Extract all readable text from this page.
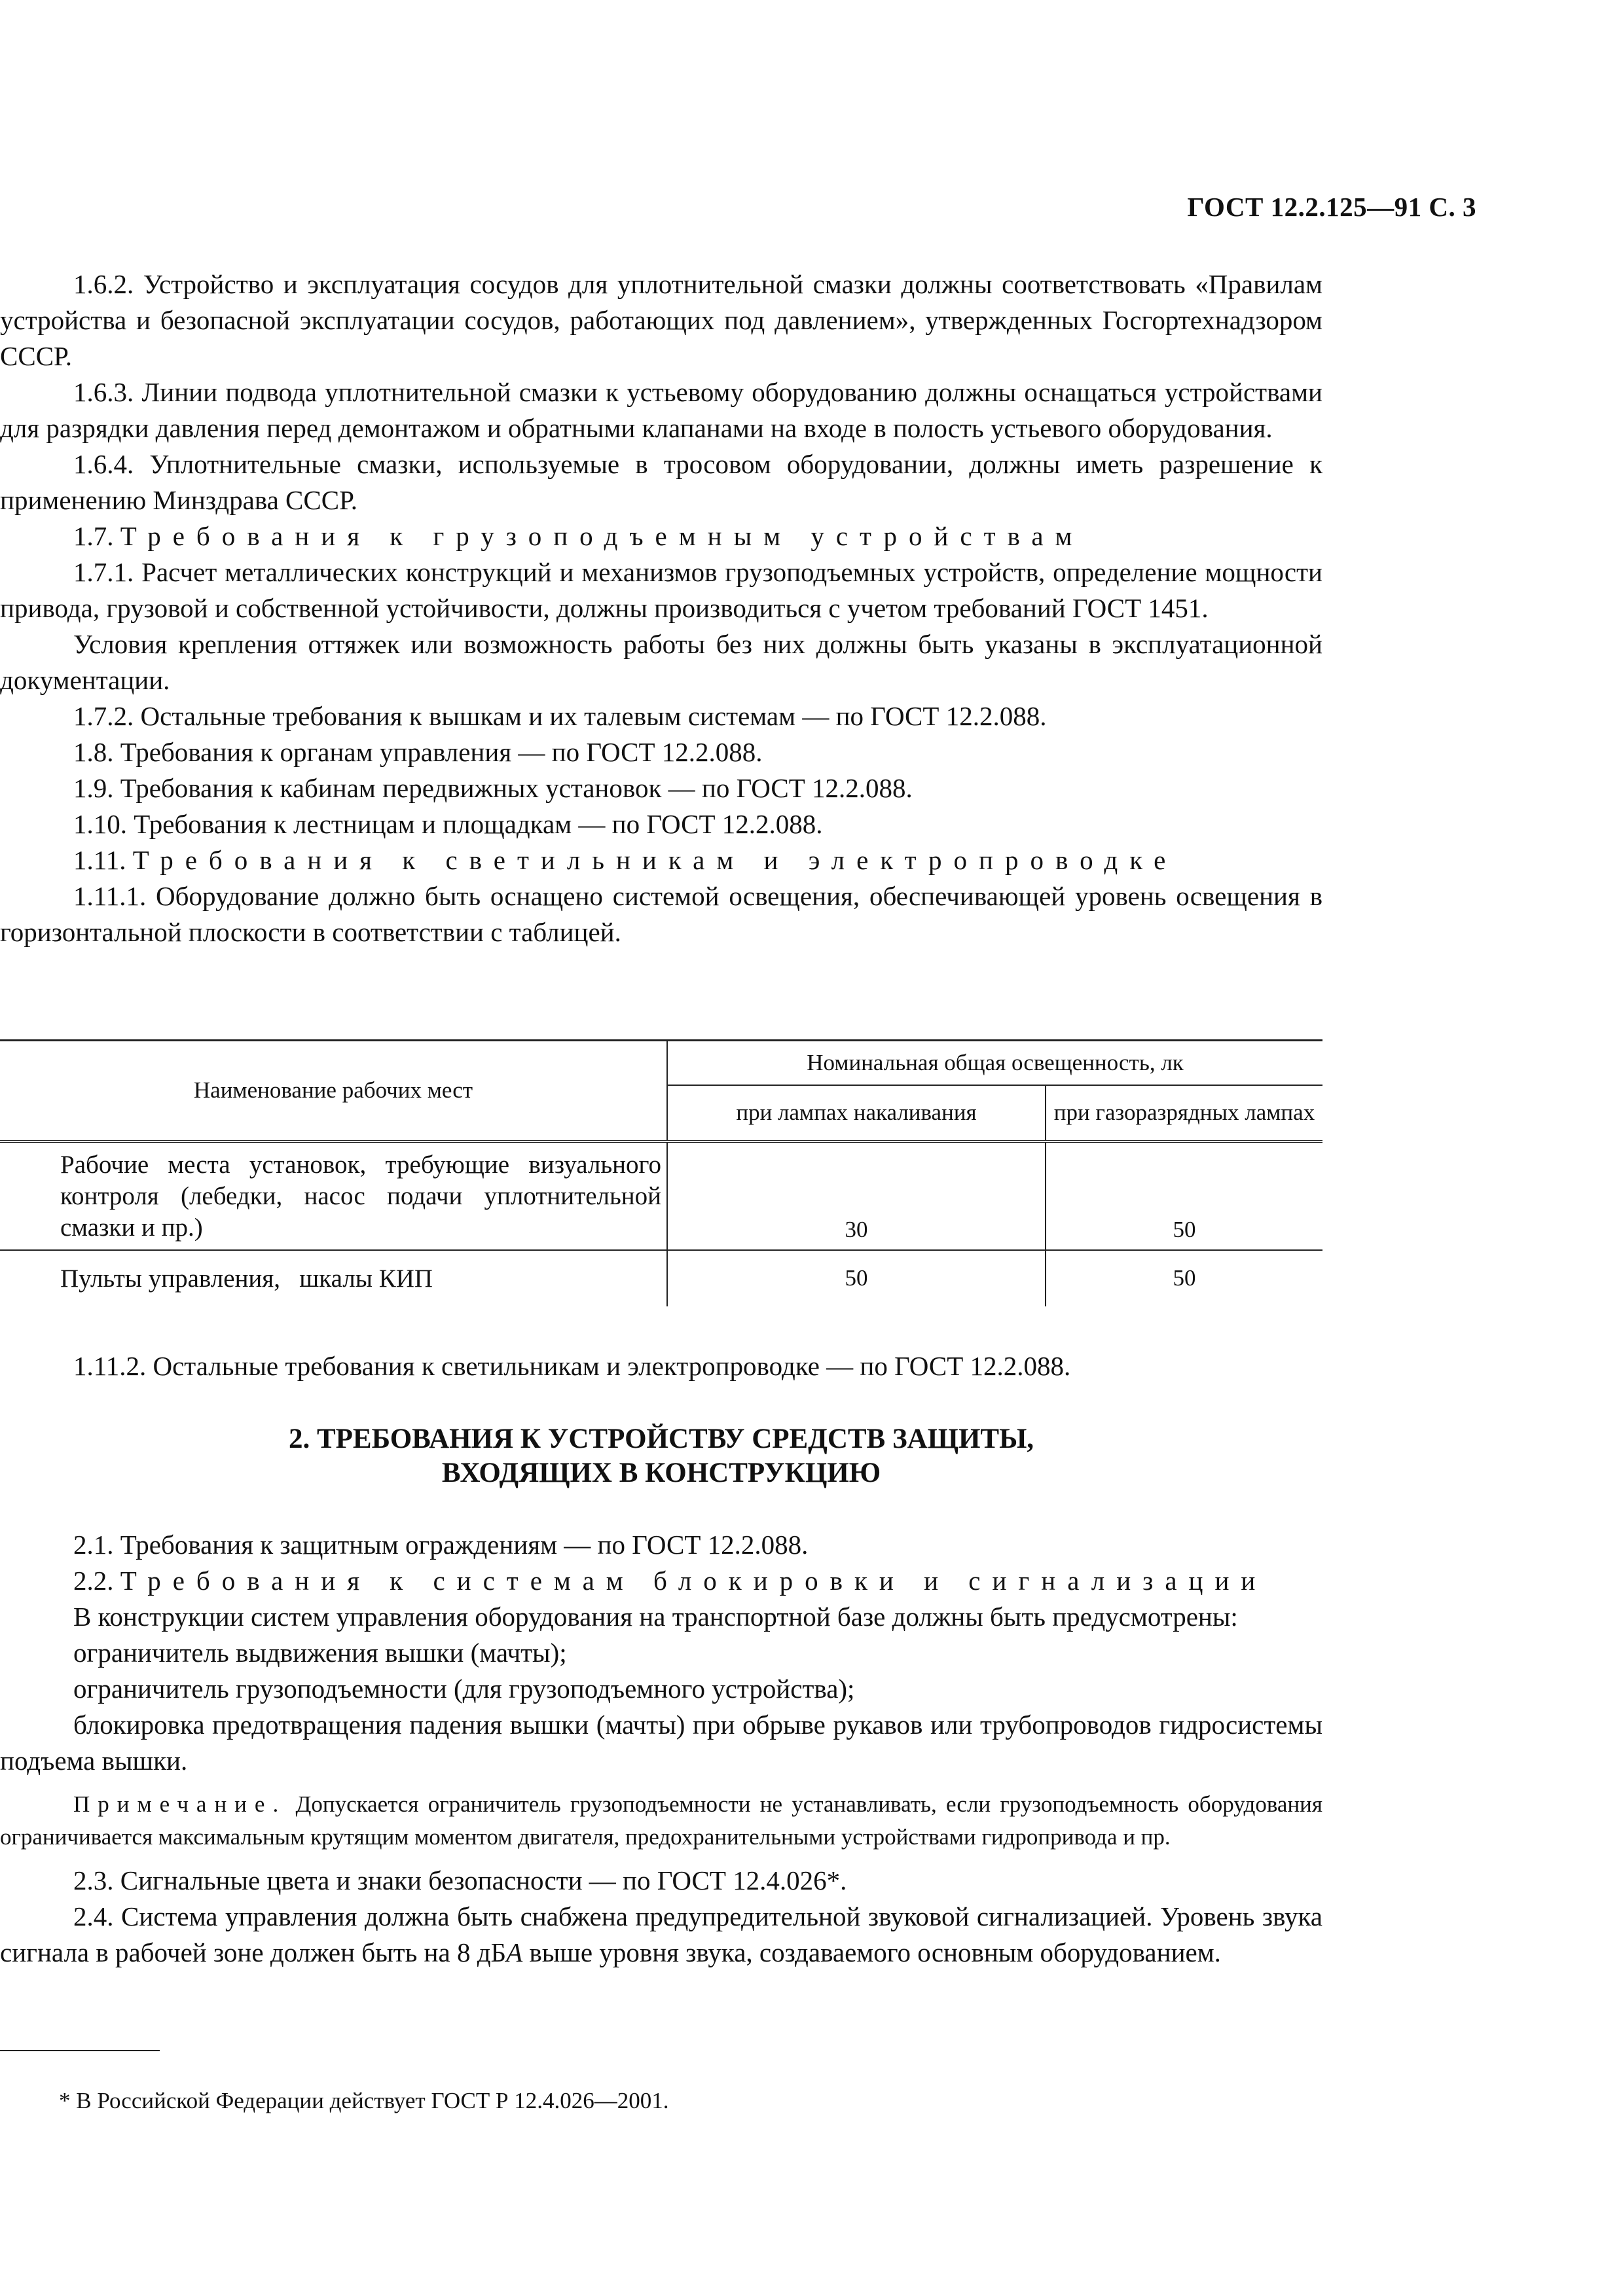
ГОСТ 12.2.125—91 С. 3

1.6.2. Устройство и эксплуатация сосудов для уплотнительной смазки должны соответствовать «Правилам устройства и безопасной эксплуатации сосудов, работающих под давлением», утвержденных Госгортехнадзором СССР.

1.6.3. Линии подвода уплотнительной смазки к устьевому оборудованию должны оснащаться устройствами для разрядки давления перед демонтажом и обратными клапанами на входе в полость устьевого оборудования.

1.6.4. Уплотнительные смазки, используемые в тросовом оборудовании, должны иметь разрешение к применению Минздрава СССР.

1.7. Требования к грузоподъемным устройствам

1.7.1. Расчет металлических конструкций и механизмов грузоподъемных устройств, определение мощности привода, грузовой и собственной устойчивости, должны производиться с учетом требований ГОСТ 1451.

Условия крепления оттяжек или возможность работы без них должны быть указаны в эксплуатационной документации.

1.7.2. Остальные требования к вышкам и их талевым системам — по ГОСТ 12.2.088.

1.8. Требования к органам управления — по ГОСТ 12.2.088.

1.9. Требования к кабинам передвижных установок — по ГОСТ 12.2.088.

1.10. Требования к лестницам и площадкам — по ГОСТ 12.2.088.

1.11. Требования к светильникам и электропроводке

1.11.1. Оборудование должно быть оснащено системой освещения, обеспечивающей уровень освещения в горизонтальной плоскости в соответствии с таблицей.

Наименование рабочих мест	Номинальная общая освещенность, лк	
	при лампах накаливания	при газоразрядных лампах
Рабочие места установок, требующие визуального контроля (лебедки, насос подачи уплотнительной смазки и пр.)	30	50
Пульты управления,   шкалы КИП	50	50

1.11.2. Остальные требования к светильникам и электропроводке — по ГОСТ 12.2.088.

2. ТРЕБОВАНИЯ К УСТРОЙСТВУ СРЕДСТВ ЗАЩИТЫ,
ВХОДЯЩИХ В КОНСТРУКЦИЮ

2.1. Требования к защитным ограждениям — по ГОСТ 12.2.088.

2.2. Требования к системам блокировки и сигнализации

В конструкции систем управления оборудования на транспортной базе должны быть предусмотрены:

ограничитель выдвижения вышки (мачты);

ограничитель грузоподъемности (для грузоподъемного устройства);

блокировка предотвращения падения вышки (мачты) при обрыве рукавов или трубопроводов гидросистемы подъема вышки.

Примечание. Допускается ограничитель грузоподъемности не устанавливать, если грузоподъемность оборудования ограничивается максимальным крутящим моментом двигателя, предохранительными устройствами гидропривода и пр.

2.3. Сигнальные цвета и знаки безопасности — по ГОСТ 12.4.026*.

2.4. Система управления должна быть снабжена предупредительной звуковой сигнализацией. Уровень звука сигнала в рабочей зоне должен быть на 8 дБА выше уровня звука, создаваемого основным оборудованием.

* В Российской Федерации действует ГОСТ Р 12.4.026—2001.
